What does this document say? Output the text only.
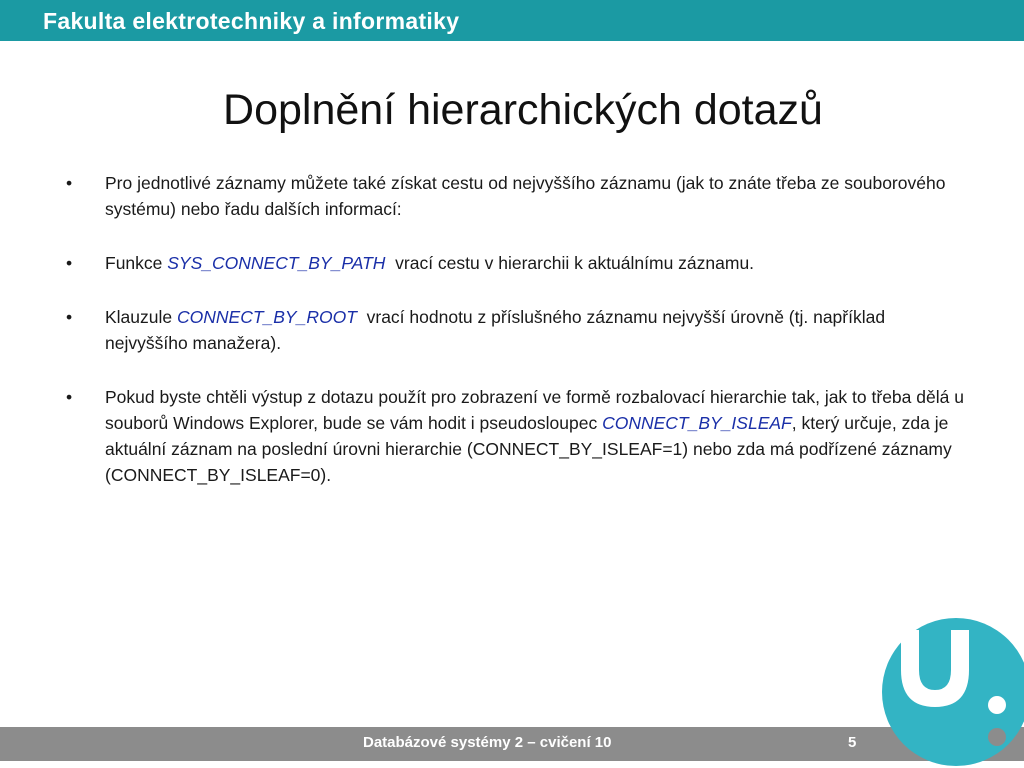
Fakulta elektrotechniky a informatiky
Doplnění hierarchických dotazů
•	Pro jednotlivé záznamy můžete také získat cestu od nejvyššího záznamu (jak to znáte třeba ze souborového systému) nebo řadu dalších informací:
•	Funkce SYS_CONNECT_BY_PATH  vrací cestu v hierarchii k aktuálnímu záznamu.
•	Klauzule CONNECT_BY_ROOT  vrací hodnotu z příslušného záznamu nejvyšší úrovně (tj. například nejvyššího manažera).
•	Pokud byste chtěli výstup z dotazu použít pro zobrazení ve formě rozbalovací hierarchie tak, jak to třeba dělá u souborů Windows Explorer, bude se vám hodit i pseudosloupec CONNECT_BY_ISLEAF, který určuje, zda je aktuální záznam na poslední úrovni hierarchie (CONNECT_BY_ISLEAF=1) nebo zda má podřízené záznamy (CONNECT_BY_ISLEAF=0).
Databázové systémy 2 – cvičení 10	5
